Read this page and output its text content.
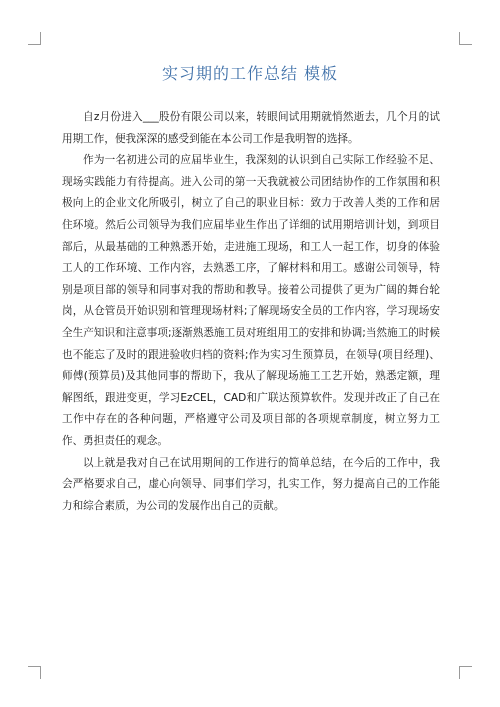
实习期的工作总结 模板

自z月份进入___股份有限公司以来，转眼间试用期就悄然逝去，几个月的试用期工作，便我深深的感受到能在本公司工作是我明智的选择。

作为一名初进公司的应届毕业生，我深刻的认识到自己实际工作经验不足、现场实践能力有待提高。进入公司的第一天我就被公司团结协作的工作氛围和积极向上的企业文化所吸引，树立了自己的职业目标：致力于改善人类的工作和居住环境。然后公司领导为我们应届毕业生作出了详细的试用期培训计划，到项目部后，从最基础的工种熟悉开始，走进施工现场，和工人一起工作，切身的体验工人的工作环境、工作内容，去熟悉工序，了解材料和用工。感谢公司领导，特别是项目部的领导和同事对我的帮助和教导。接着公司提供了更为广阔的舞台轮岗，从仓管员开始识别和管理现场材料;了解现场安全员的工作内容，学习现场安全生产知识和注意事项;逐渐熟悉施工员对班组用工的安排和协调;当然施工的时候也不能忘了及时的跟进验收归档的资料;作为实习生预算员，在领导(项目经理)、师傅(预算员)及其他同事的帮助下，我从了解现场施工工艺开始，熟悉定额，理解图纸，跟进变更，学习EzCEL，CAD和广联达预算软件。发现并改正了自己在工作中存在的各种问题，严格遵守公司及项目部的各项规章制度，树立努力工作、勇担责任的观念。

以上就是我对自己在试用期间的工作进行的简单总结，在今后的工作中，我会严格要求自己，虚心向领导、同事们学习，扎实工作，努力提高自己的工作能力和综合素质，为公司的发展作出自己的贡献。
